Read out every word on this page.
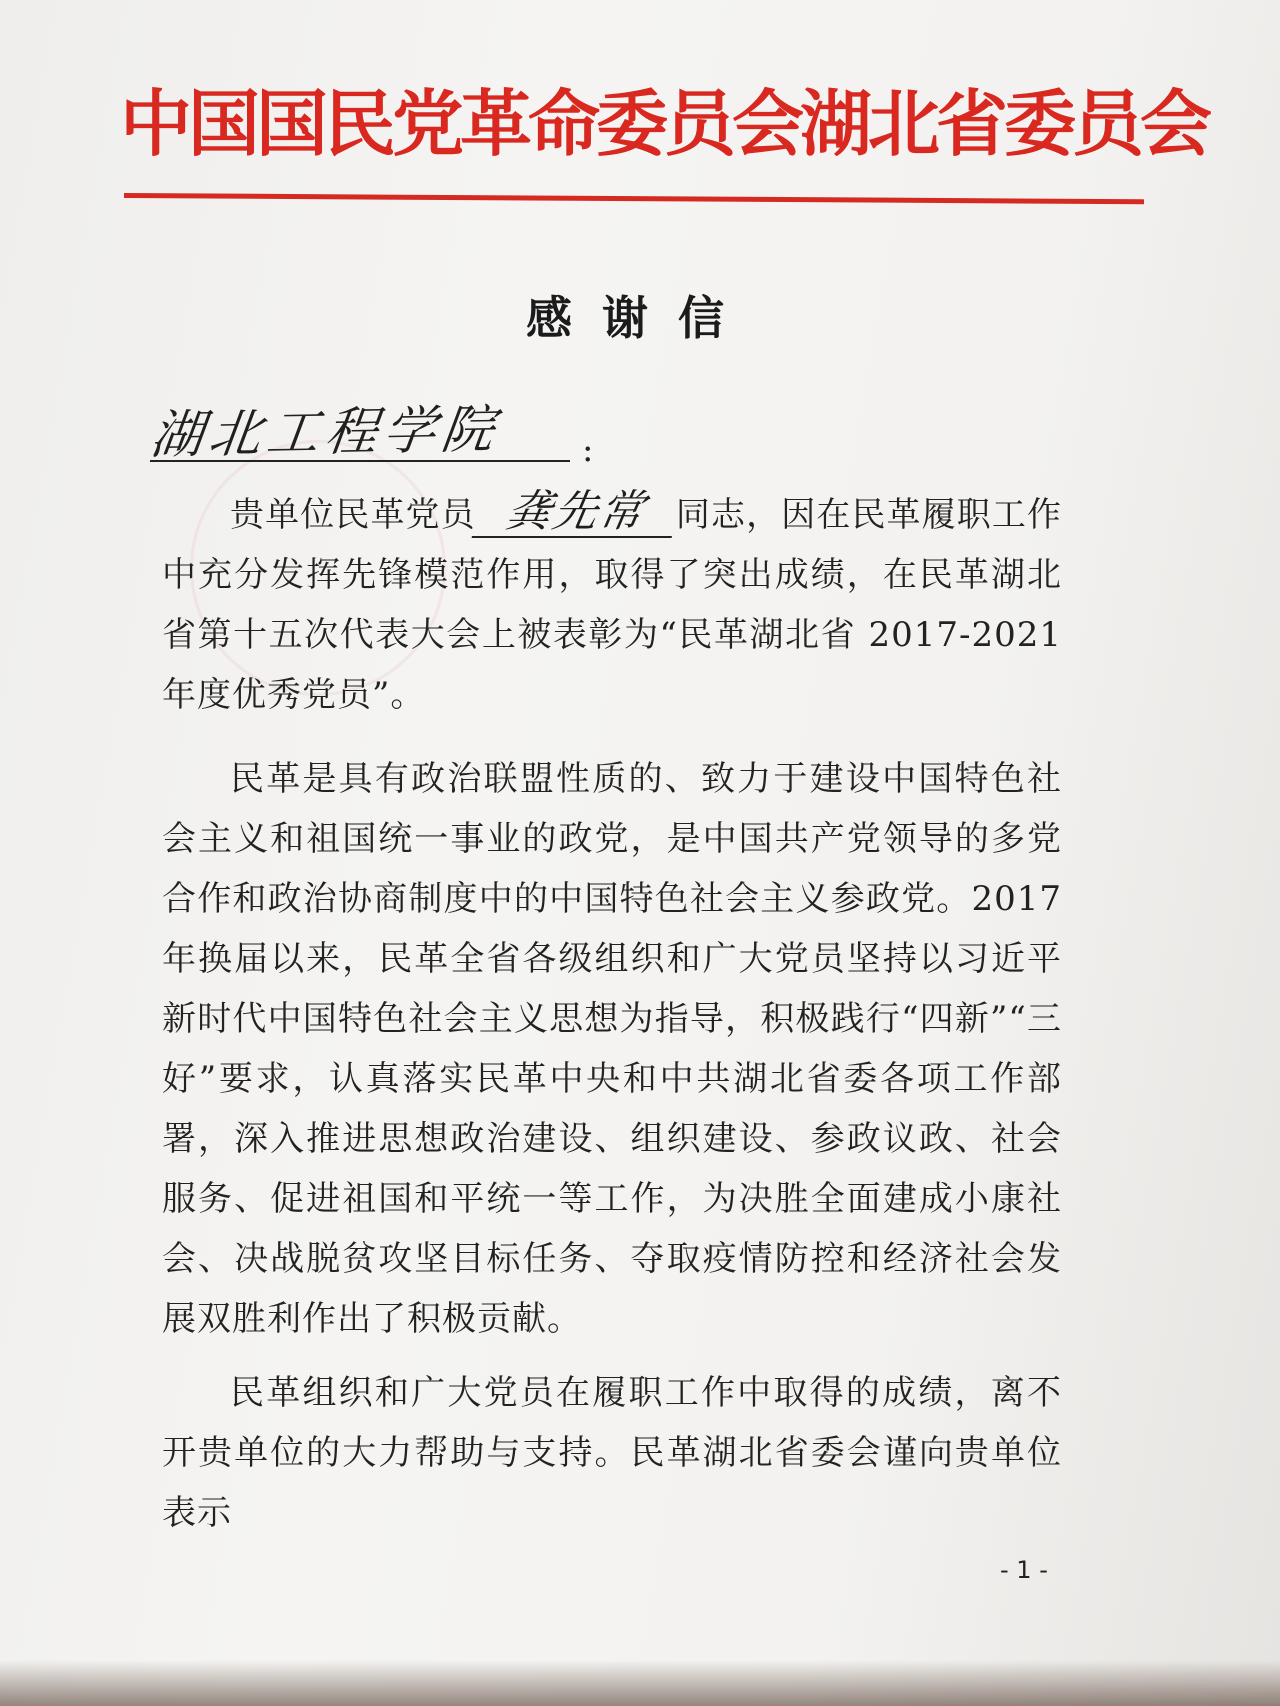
中国国民党革命委员会湖北省委员会
感谢信
湖北工程学院 :

贵单位民革党员 龚先常 同志，因在民革履职工作中充分发挥先锋模范作用，取得了突出成绩，在民革湖北省第十五次代表大会上被表彰为“民革湖北省 2017-2021 年度优秀党员”。

民革是具有政治联盟性质的、致力于建设中国特色社会主义和祖国统一事业的政党，是中国共产党领导的多党合作和政治协商制度中的中国特色社会主义参政党。2017 年换届以来，民革全省各级组织和广大党员坚持以习近平新时代中国特色社会主义思想为指导，积极践行“四新”“三好”要求，认真落实民革中央和中共湖北省委各项工作部署，深入推进思想政治建设、组织建设、参政议政、社会服务、促进祖国和平统一等工作，为决胜全面建成小康社会、决战脱贫攻坚目标任务、夺取疫情防控和经济社会发展双胜利作出了积极贡献。

民革组织和广大党员在履职工作中取得的成绩，离不开贵单位的大力帮助与支持。民革湖北省委会谨向贵单位表示

- 1 -
